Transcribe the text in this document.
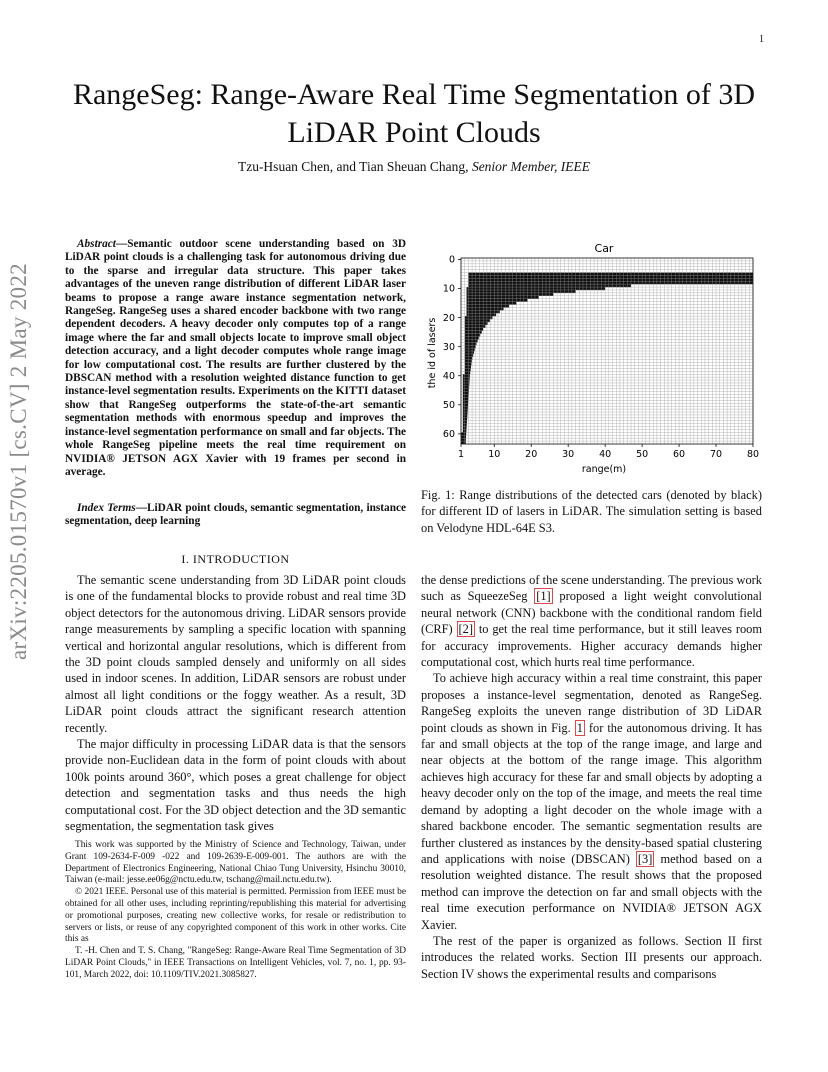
1
arXiv:2205.01570v1 [cs.CV] 2 May 2022
RangeSeg: Range-Aware Real Time Segmentation of 3D LiDAR Point Clouds
Tzu-Hsuan Chen, and Tian Sheuan Chang, Senior Member, IEEE
Abstract—Semantic outdoor scene understanding based on 3D LiDAR point clouds is a challenging task for autonomous driving due to the sparse and irregular data structure. This paper takes advantages of the uneven range distribution of different LiDAR laser beams to propose a range aware instance segmentation network, RangeSeg. RangeSeg uses a shared encoder backbone with two range dependent decoders. A heavy decoder only computes top of a range image where the far and small objects locate to improve small object detection accuracy, and a light decoder computes whole range image for low computational cost. The results are further clustered by the DBSCAN method with a resolution weighted distance function to get instance-level segmentation results. Experiments on the KITTI dataset show that RangeSeg outperforms the state-of-the-art semantic segmentation methods with enormous speedup and improves the instance-level segmentation performance on small and far objects. The whole RangeSeg pipeline meets the real time requirement on NVIDIA® JETSON AGX Xavier with 19 frames per second in average.
Index Terms—LiDAR point clouds, semantic segmentation, instance segmentation, deep learning
I. INTRODUCTION

The semantic scene understanding from 3D LiDAR point clouds is one of the fundamental blocks to provide robust and real time 3D object detectors for the autonomous driving. LiDAR sensors provide range measurements by sampling a specific location with spanning vertical and horizontal angular resolutions, which is different from the 3D point clouds sampled densely and uniformly on all sides used in indoor scenes. In addition, LiDAR sensors are robust under almost all light conditions or the foggy weather. As a result, 3D LiDAR point clouds attract the significant research attention recently.

The major difficulty in processing LiDAR data is that the sensors provide non-Euclidean data in the form of point clouds with about 100k points around 360°, which poses a great challenge for object detection and segmentation tasks and thus needs the high computational cost. For the 3D object detection and the 3D semantic segmentation, the segmentation task gives

This work was supported by the Ministry of Science and Technology, Taiwan, under Grant 109-2634-F-009 -022 and 109-2639-E-009-001. The authors are with the Department of Electronics Engineering, National Chiao Tung University, Hsinchu 30010, Taiwan (e-mail: jesse.ee06g@nctu.edu.tw, tschang@mail.nctu.edu.tw).

© 2021 IEEE. Personal use of this material is permitted. Permission from IEEE must be obtained for all other uses, including reprinting/republishing this material for advertising or promotional purposes, creating new collective works, for resale or redistribution to servers or lists, or reuse of any copyrighted component of this work in other works. Cite this as

T. -H. Chen and T. S. Chang, "RangeSeg: Range-Aware Real Time Segmentation of 3D LiDAR Point Clouds," in IEEE Transactions on Intelligent Vehicles, vol. 7, no. 1, pp. 93-101, March 2022, doi: 10.1109/TIV.2021.3085827.

Car
1	10	20	30	40	50	60	70	80
0
10
20
30
40
50
60
range(m)
the id of lasers
Fig. 1: Range distributions of the detected cars (denoted by black) for different ID of lasers in LiDAR. The simulation setting is based on Velodyne HDL-64E S3.

the dense predictions of the scene understanding. The previous work such as SqueezeSeg [1] proposed a light weight convolutional neural network (CNN) backbone with the conditional random field (CRF) [2] to get the real time performance, but it still leaves room for accuracy improvements. Higher accuracy demands higher computational cost, which hurts real time performance.

To achieve high accuracy within a real time constraint, this paper proposes a instance-level segmentation, denoted as RangeSeg. RangeSeg exploits the uneven range distribution of 3D LiDAR point clouds as shown in Fig. 1 for the autonomous driving. It has far and small objects at the top of the range image, and large and near objects at the bottom of the range image. This algorithm achieves high accuracy for these far and small objects by adopting a heavy decoder only on the top of the image, and meets the real time demand by adopting a light decoder on the whole image with a shared backbone encoder. The semantic segmentation results are further clustered as instances by the density-based spatial clustering and applications with noise (DBSCAN) [3] method based on a resolution weighted distance. The result shows that the proposed method can improve the detection on far and small objects with the real time execution performance on NVIDIA® JETSON AGX Xavier.

The rest of the paper is organized as follows. Section II first introduces the related works. Section III presents our approach. Section IV shows the experimental results and comparisons
